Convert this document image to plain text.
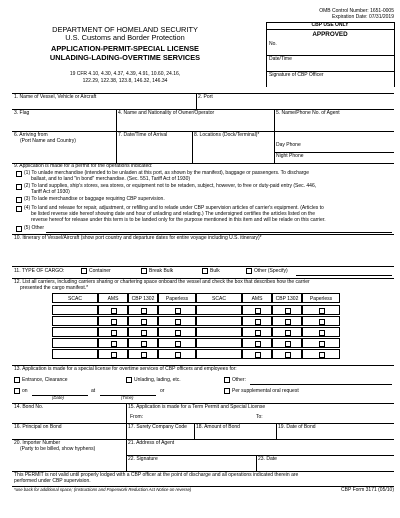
DEPARTMENT OF HOMELAND SECURITY
U.S. Customs and Border Protection
APPLICATION-PERMIT-SPECIAL LICENSE
UNLADING-LADING-OVERTIME SERVICES
19 CFR 4.10, 4.30, 4.37, 4.39, 4.91, 10.60, 24.16,
122.29, 122.38, 123.8, 146.32, 146.34
OMB Control Number: 1651-0005
Expiration Date: 07/31/2019
CBP USE ONLY
APPROVED
No.
Date/Time
Signature of CBP Officer
1. Name of Vessel, Vehicle or Aircraft	2. Port
3. Flag	4. Name and Nationality of Owner/Operator	5. Name/Phone No. of Agent
6. Arriving from
(Port Name and Country)
7. Date/Time of Arrival	8. Locations (Dock/Terminal)*
Day Phone
Night Phone
9. Application is made for a permit for the operations indicated:
(1) To unlade merchandise (intended to be unladen at this port, as shown by the manifest), baggage or passengers. To discharge
ballast, and to land "in bond" merchandise. (Sec. 551, Tariff Act of 1930)
(2) To land supplies, ship's stores, sea stores, or equipment not to be retaden, subject, however, to free or duty-paid entry (Sec. 446,
Tariff Act of 1930)
(3) To lade merchandise or baggage requiring CBP supervision.
(4) To land and release for repair, adjustment, or refilling and to relade under CBP supervision articles of carrier's equipment. (Articles to
be listed reverse side hereof showing date and hour of unlading and relading.) The undersigned certifies the articles listed on the
reverse hereof for release under this term is to be landed only for the purpose mentioned in this item and will be relade on this carrier.
(5) Other
10. Itinerary of Vessel/Aircraft (show port country and departure dates for entire voyage including U.S. itinerary)*
11. TYPE OF CARGO:	Container	Break Bulk	Bulk	Other (Specify)
12. List all carriers, including carriers sharing or chartering space onboard the vessel and check the box that describes how the carrier
presented the cargo manifest.*
SCAC	AMS	CBP 1302	Paperless	SCAC	AMS	CBP 1302	Paperless
13. Application is made for a special license for overtime services of CBP officers and employees for:
Entrance, Clearance	Unlading, lading, etc.	Other:
on	at	or	Per supplemental oral request
(Date)	(Time)
14. Bond No.	15. Application is made for a Term Permit and Special License
From:	To:
16. Principal on Bond	17. Surety Company Code 18. Amount of Bond	19. Date of Bond
20. Importer Number
(Party to be billed, show hyphens)
21. Address of Agent
22. Signature	23. Date
This PERMIT is not valid until properly lodged with a CBP officer at the point of discharge and all operations indicated therein are
performed under CBP supervision.
*use back for additional space; (Instructions and Paperwork Reduction Act Notice on reverse)	CBP Form 3171 (05/10)
